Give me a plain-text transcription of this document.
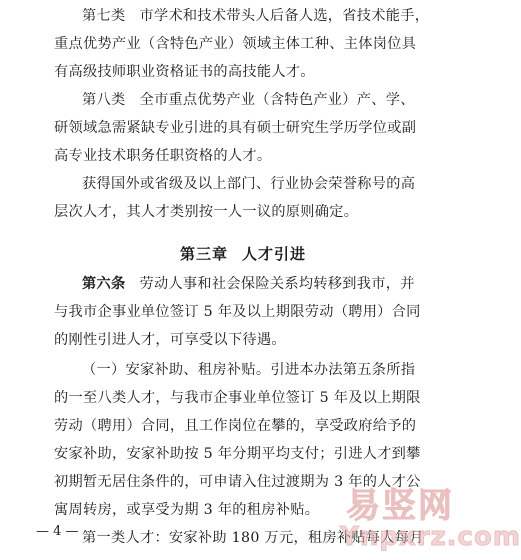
第七类 市学术和技术带头人后备人选，省技术能手，
重点优势产业（含特色产业）领域主体工种、主体岗位具
有高级技师职业资格证书的高技能人才。
第八类 全市重点优势产业（含特色产业）产、学、
研领域急需紧缺专业引进的具有硕士研究生学历学位或副
高专业技术职务任职资格的人才。
获得国外或省级及以上部门、行业协会荣誉称号的高
层次人才，其人才类别按一人一议的原则确定。
第三章 人才引进
第六条 劳动人事和社会保险关系均转移到我市，并
与我市企事业单位签订 5 年及以上期限劳动（聘用）合同
的刚性引进人才，可享受以下待遇。
（一）安家补助、租房补贴。引进本办法第五条所指
的一至八类人才，与我市企事业单位签订 5 年及以上期限
劳动（聘用）合同，且工作岗位在攀的，享受政府给予的
安家补助，安家补助按 5 年分期平均支付；引进人才到攀
初期暂无居住条件的，可申请入住过渡期为 3 年的人才公
寓周转房，或享受为期 3 年的租房补贴。
第一类人才：安家补助 180 万元，租房补贴每人每月
— 4 —
易竖网
Ynpxrz.com
